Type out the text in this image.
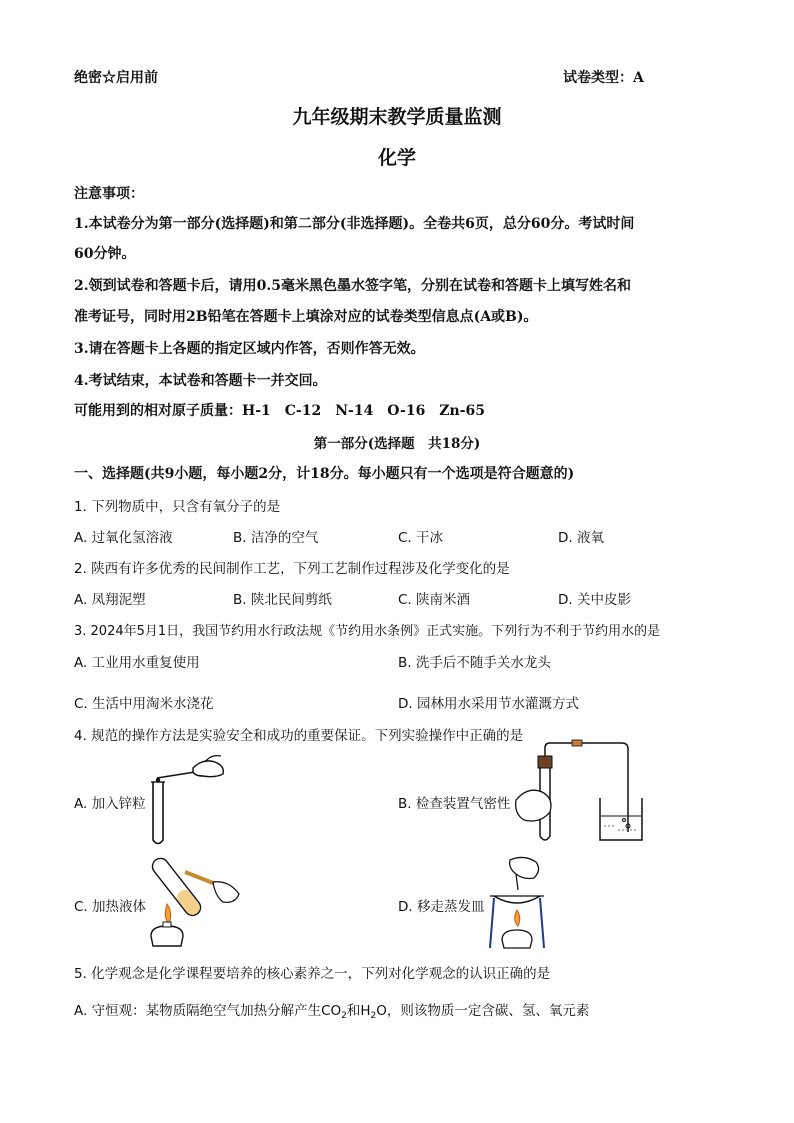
绝密☆启用前	试卷类型：A
九年级期末教学质量监测
化学
注意事项：
1.本试卷分为第一部分(选择题)和第二部分(非选择题)。全卷共6页，总分60分。考试时间
60分钟。
2.领到试卷和答题卡后，请用0.5毫米黑色墨水签字笔，分别在试卷和答题卡上填写姓名和
准考证号，同时用2B铅笔在答题卡上填涂对应的试卷类型信息点(A或B)。
3.请在答题卡上各题的指定区域内作答，否则作答无效。
4.考试结束，本试卷和答题卡一并交回。
可能用到的相对原子质量：H-1　C-12　N-14　O-16　Zn-65
第一部分(选择题　共18分)
一、选择题(共9小题，每小题2分，计18分。每小题只有一个选项是符合题意的)
1. 下列物质中，只含有氧分子的是
A. 过氧化氢溶液	B. 洁净的空气	C. 干冰	D. 液氧
2. 陕西有许多优秀的民间制作工艺，下列工艺制作过程涉及化学变化的是
A. 凤翔泥塑	B. 陕北民间剪纸	C. 陕南米酒	D. 关中皮影
3. 2024年5月1日，我国节约用水行政法规《节约用水条例》正式实施。下列行为不利于节约用水的是
A. 工业用水重复使用	B. 洗手后不随手关水龙头
C. 生活中用淘米水浇花	D. 园林用水采用节水灌溉方式
4. 规范的操作方法是实验安全和成功的重要保证。下列实验操作中正确的是
A. 加入锌粒	B. 检查装置气密性
C. 加热液体	D. 移走蒸发皿
5. 化学观念是化学课程要培养的核心素养之一，下列对化学观念的认识正确的是
A. 守恒观：某物质隔绝空气加热分解产生$CO_2$和$H_2O$，则该物质一定含碳、氢、氧元素
